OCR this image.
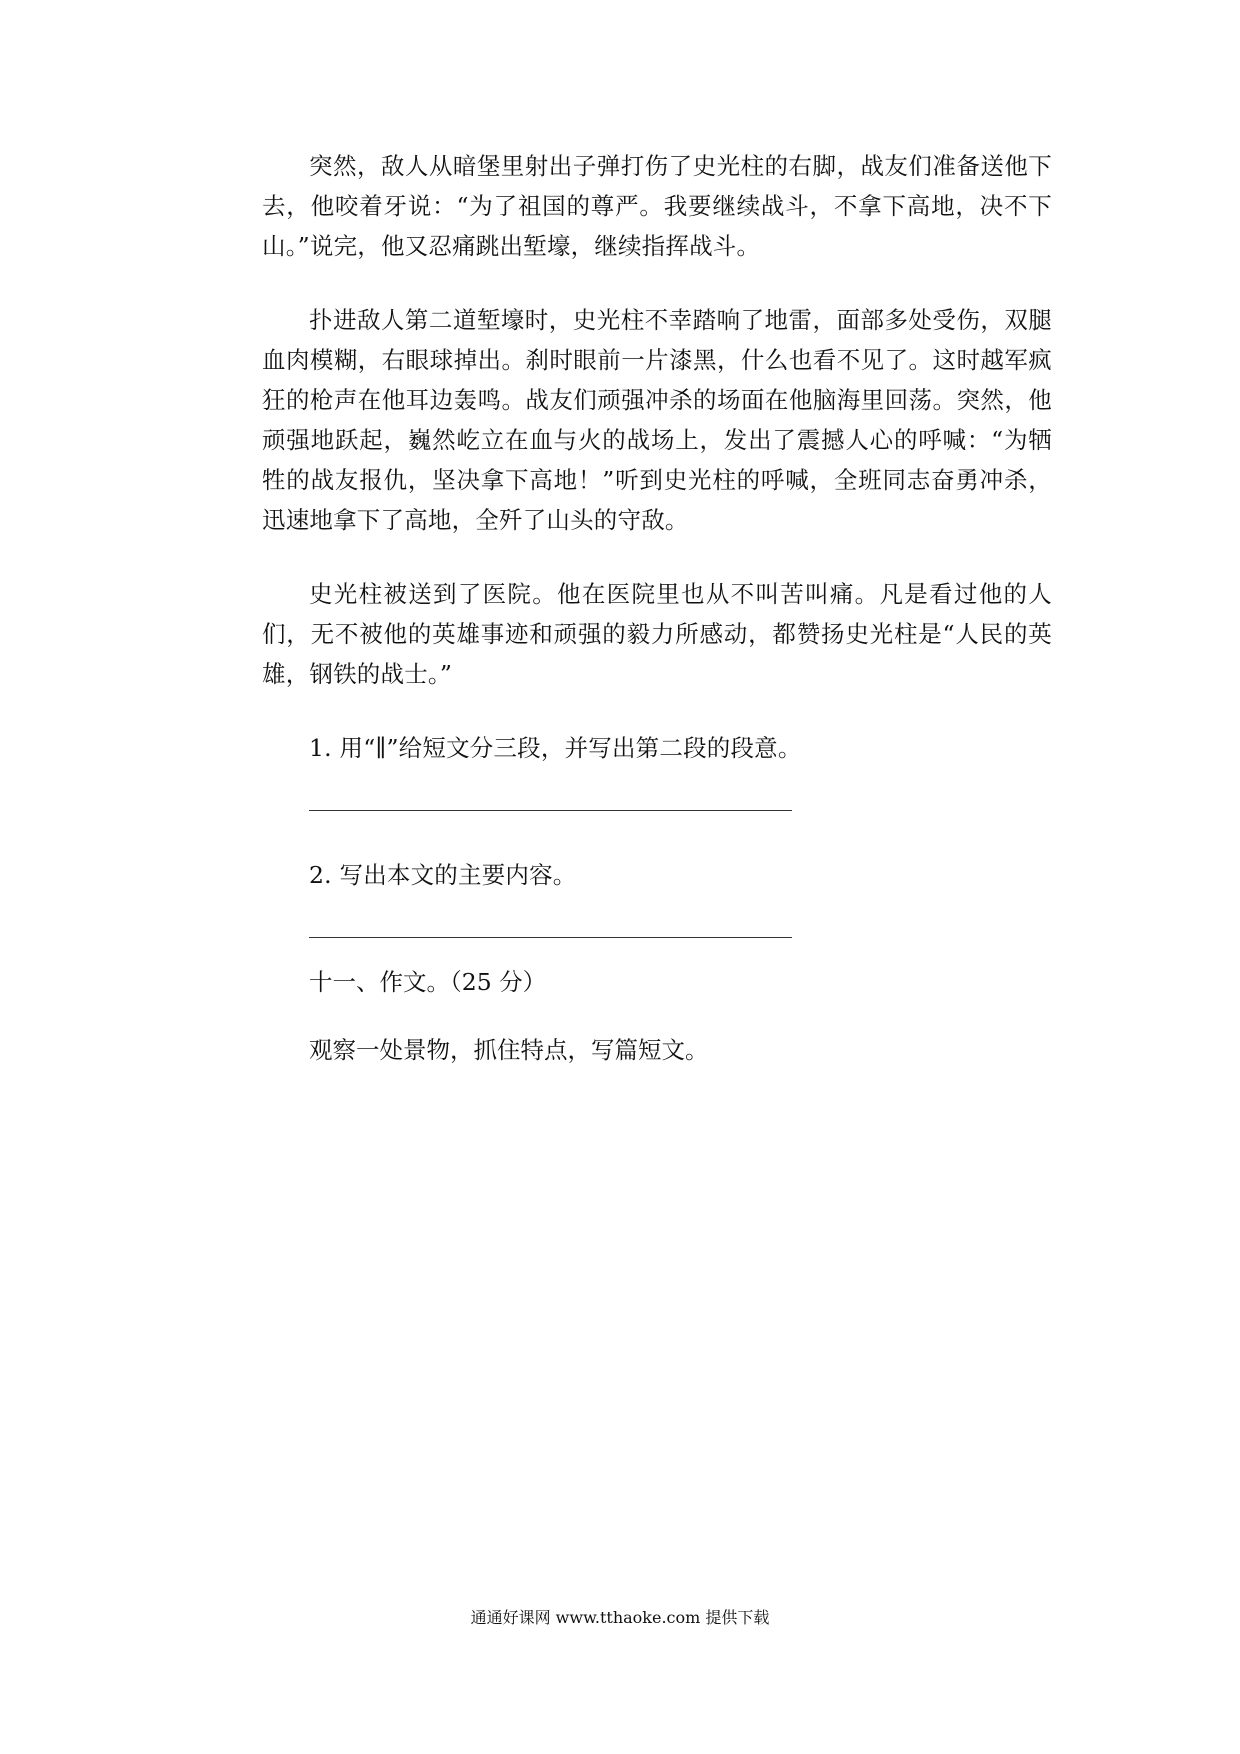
突然，敌人从暗堡里射出子弹打伤了史光柱的右脚，战友们准备送他下去，他咬着牙说：“为了祖国的尊严。我要继续战斗，不拿下高地，决不下山。”说完，他又忍痛跳出堑壕，继续指挥战斗。

扑进敌人第二道堑壕时，史光柱不幸踏响了地雷，面部多处受伤，双腿血肉模糊，右眼球掉出。刹时眼前一片漆黑，什么也看不见了。这时越军疯狂的枪声在他耳边轰鸣。战友们顽强冲杀的场面在他脑海里回荡。突然，他顽强地跃起，巍然屹立在血与火的战场上，发出了震撼人心的呼喊：“为牺牲的战友报仇，坚决拿下高地！”听到史光柱的呼喊，全班同志奋勇冲杀，迅速地拿下了高地，全歼了山头的守敌。

史光柱被送到了医院。他在医院里也从不叫苦叫痛。凡是看过他的人们，无不被他的英雄事迹和顽强的毅力所感动，都赞扬史光柱是“人民的英雄，钢铁的战士。”

1. 用“∥”给短文分三段，并写出第二段的段意。

2. 写出本文的主要内容。

十一、作文。（25 分）

观察一处景物，抓住特点，写篇短文。

通通好课网 www.tthaoke.com 提供下载
